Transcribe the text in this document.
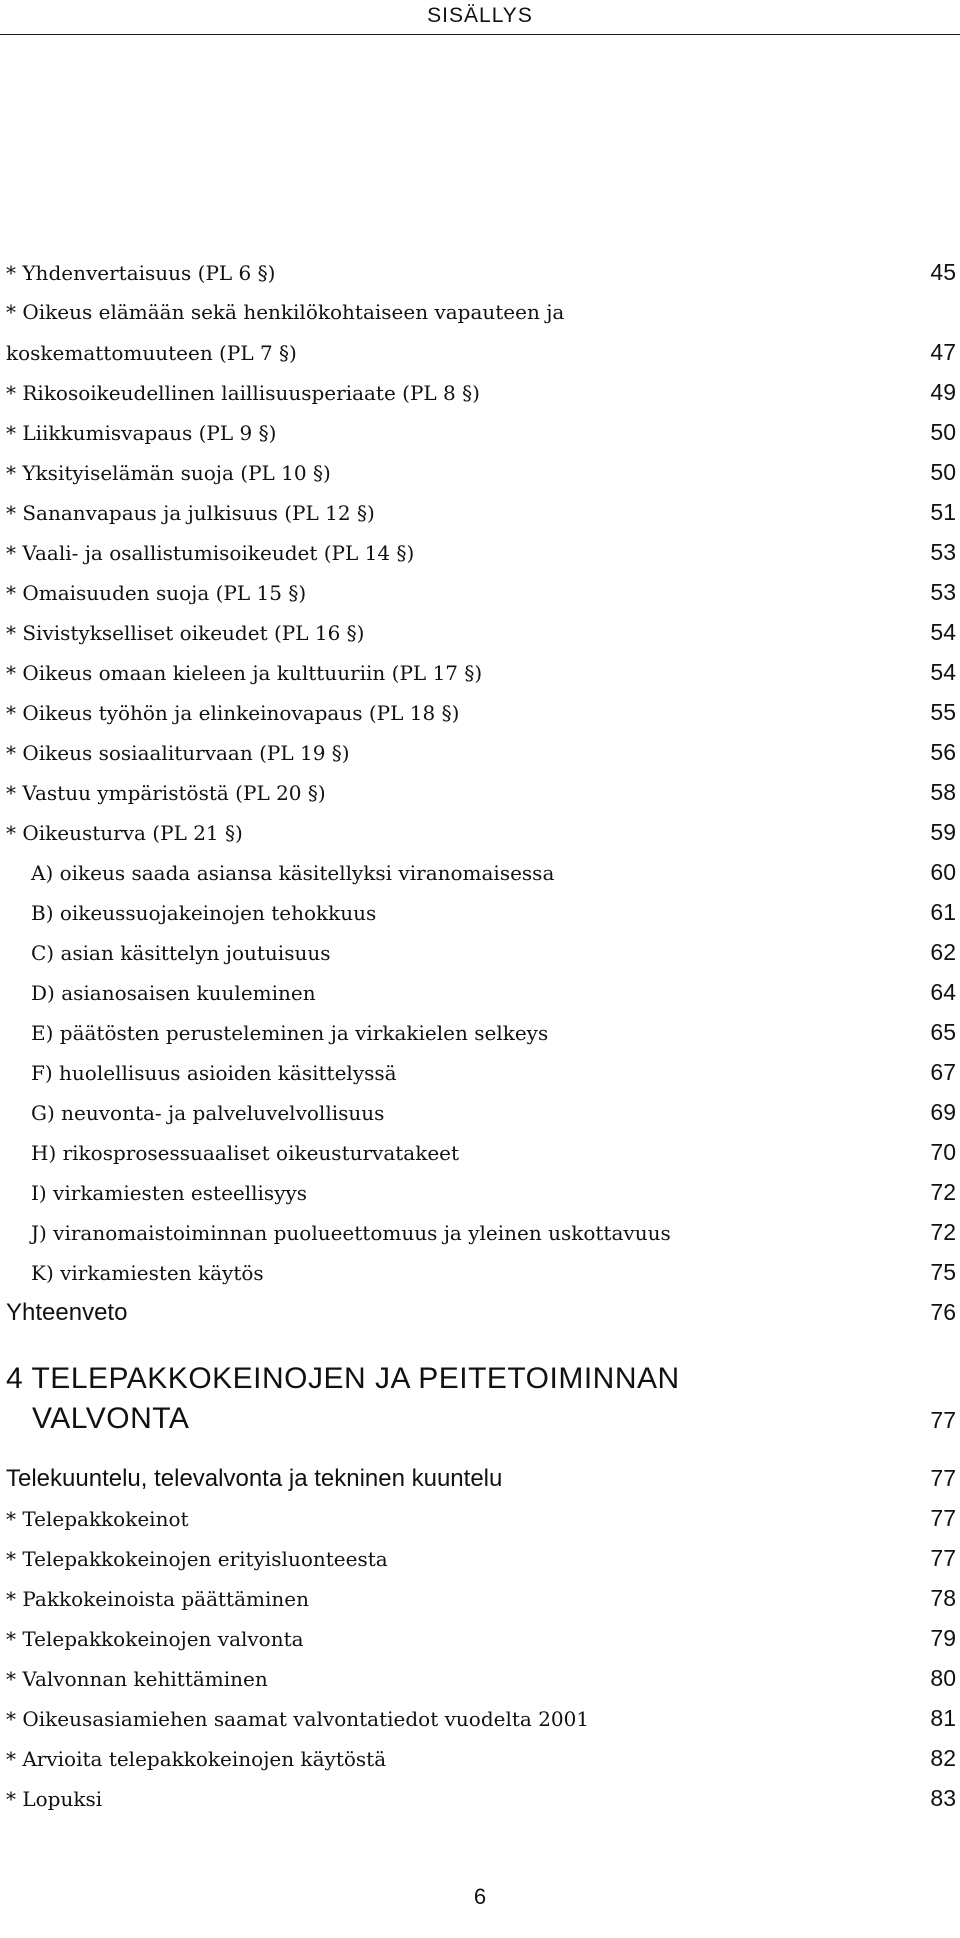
SISÄLLYS
* Yhdenvertaisuus (PL 6 §)	45
* Oikeus elämään sekä henkilökohtaiseen vapauteen ja
koskemattomuuteen (PL 7 §)	47
* Rikosoikeudellinen laillisuusperiaate (PL 8 §)	49
* Liikkumisvapaus (PL 9 §)	50
* Yksityiselämän suoja (PL 10 §)	50
* Sananvapaus ja julkisuus (PL 12 §)	51
* Vaali- ja osallistumisoikeudet (PL 14 §)	53
* Omaisuuden suoja (PL 15 §)	53
* Sivistykselliset oikeudet (PL 16 §)	54
* Oikeus omaan kieleen ja kulttuuriin (PL 17 §)	54
* Oikeus työhön ja elinkeinovapaus (PL 18 §)	55
* Oikeus sosiaaliturvaan (PL 19 §)	56
* Vastuu ympäristöstä (PL 20 §)	58
* Oikeusturva (PL 21 §)	59
A) oikeus saada asiansa käsitellyksi viranomaisessa	60
B) oikeussuojakeinojen tehokkuus	61
C) asian käsittelyn joutuisuus	62
D) asianosaisen kuuleminen	64
E) päätösten perusteleminen ja virkakielen selkeys	65
F) huolellisuus asioiden käsittelyssä	67
G) neuvonta- ja palveluvelvollisuus	69
H) rikosprosessuaaliset oikeusturvatakeet	70
I) virkamiesten esteellisyys	72
J) viranomaistoiminnan puolueettomuus ja yleinen uskottavuus	72
K) virkamiesten käytös	75
Yhteenveto	76
4 TELEPAKKOKEINOJEN JA PEITETOIMINNAN
VALVONTA	77
Telekuuntelu, televalvonta ja tekninen kuuntelu	77
* Telepakkokeinot	77
* Telepakkokeinojen erityisluonteesta	77
* Pakkokeinoista päättäminen	78
* Telepakkokeinojen valvonta	79
* Valvonnan kehittäminen	80
* Oikeusasiamiehen saamat valvontatiedot vuodelta 2001	81
* Arvioita telepakkokeinojen käytöstä	82
* Lopuksi	83
6
